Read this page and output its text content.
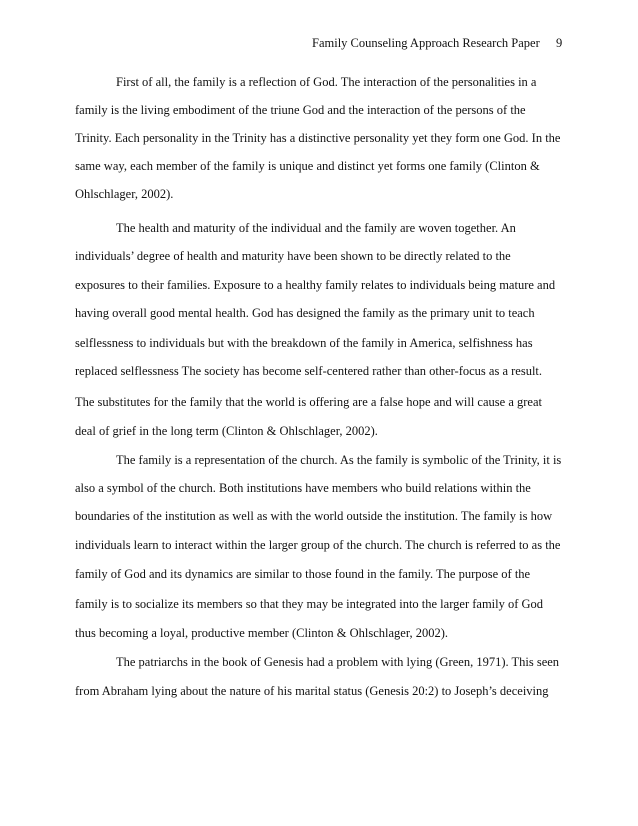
Family Counseling Approach Research Paper 9
First of all, the family is a reflection of God. The interaction of the personalities in a
family is the living embodiment of the triune God and the interaction of the persons of the
Trinity. Each personality in the Trinity has a distinctive personality yet they form one God. In the
same way, each member of the family is unique and distinct yet forms one family (Clinton &
Ohlschlager, 2002).
The health and maturity of the individual and the family are woven together. An
individuals’ degree of health and maturity have been shown to be directly related to the
exposures to their families. Exposure to a healthy family relates to individuals being mature and
having overall good mental health. God has designed the family as the primary unit to teach
selflessness to individuals but with the breakdown of the family in America, selfishness has
replaced selflessness The society has become self-centered rather than other-focus as a result.
The substitutes for the family that the world is offering are a false hope and will cause a great
deal of grief in the long term (Clinton & Ohlschlager, 2002).
The family is a representation of the church. As the family is symbolic of the Trinity, it is
also a symbol of the church. Both institutions have members who build relations within the
boundaries of the institution as well as with the world outside the institution. The family is how
individuals learn to interact within the larger group of the church. The church is referred to as the
family of God and its dynamics are similar to those found in the family. The purpose of the
family is to socialize its members so that they may be integrated into the larger family of God
thus becoming a loyal, productive member (Clinton & Ohlschlager, 2002).
The patriarchs in the book of Genesis had a problem with lying (Green, 1971). This seen
from Abraham lying about the nature of his marital status (Genesis 20:2) to Joseph’s deceiving
